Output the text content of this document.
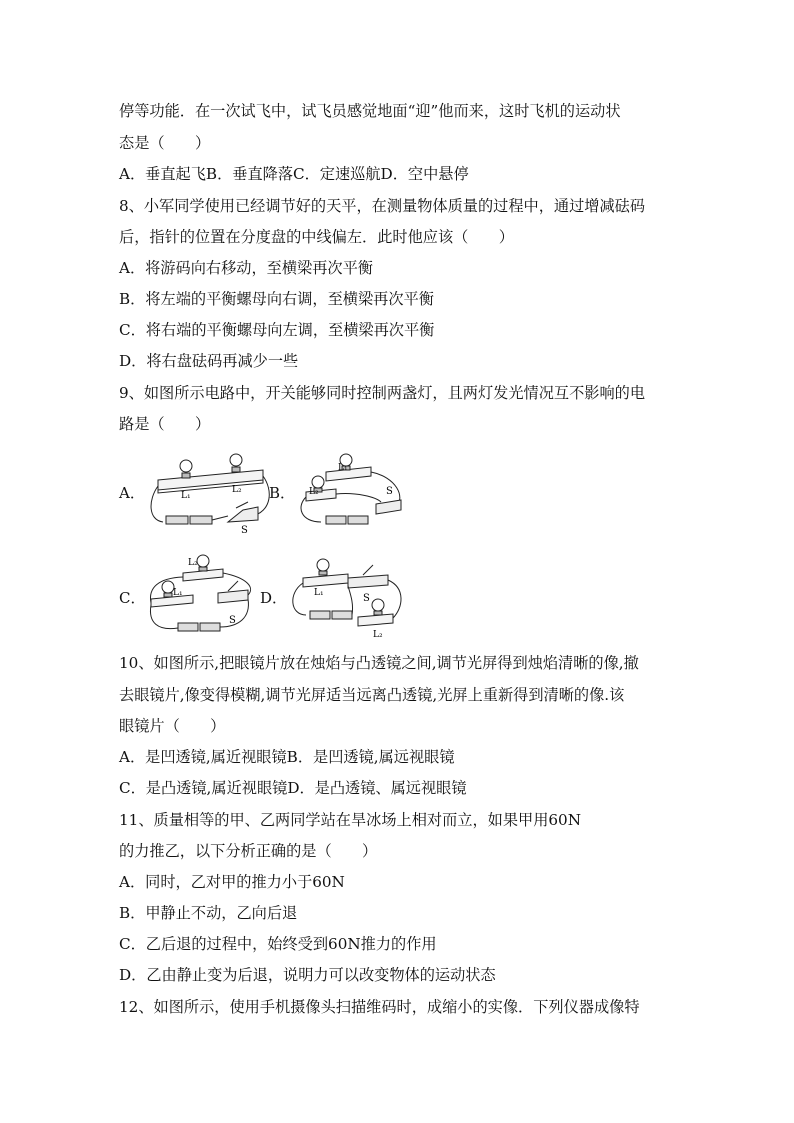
停等功能．在一次试飞中，试飞员感觉地面“迎”他而来，这时飞机的运动状
态是（　　）
A．垂直起飞B．垂直降落C．定速巡航D．空中悬停
8、小军同学使用已经调节好的天平，在测量物体质量的过程中，通过增减砝码
后，指针的位置在分度盘的中线偏左．此时他应该（　　）
A．将游码向右移动，至横梁再次平衡
B．将左端的平衡螺母向右调，至横梁再次平衡
C．将右端的平衡螺母向左调，至横梁再次平衡
D．将右盘砝码再减少一些
9、如图所示电路中，开关能够同时控制两盏灯，且两灯发光情况互不影响的电
路是（　　）
A．	B．
C．	D．
L₁
L₂
S
L₁
L₂	S
L₂
L₁
S
L₁	S
L₂
10、如图所示,把眼镜片放在烛焰与凸透镜之间,调节光屏得到烛焰清晰的像,撤
去眼镜片,像变得模糊,调节光屏适当远离凸透镜,光屏上重新得到清晰的像.该
眼镜片（　　）
A．是凹透镜,属近视眼镜B．是凹透镜,属远视眼镜
C．是凸透镜,属近视眼镜D．是凸透镜、属远视眼镜
11、质量相等的甲、乙两同学站在旱冰场上相对而立，如果甲用60N
的力推乙，以下分析正确的是（　　）
A．同时，乙对甲的推力小于60N
B．甲静止不动，乙向后退
C．乙后退的过程中，始终受到60N推力的作用
D．乙由静止变为后退，说明力可以改变物体的运动状态
12、如图所示，使用手机摄像头扫描维码时，成缩小的实像．下列仪器成像特
